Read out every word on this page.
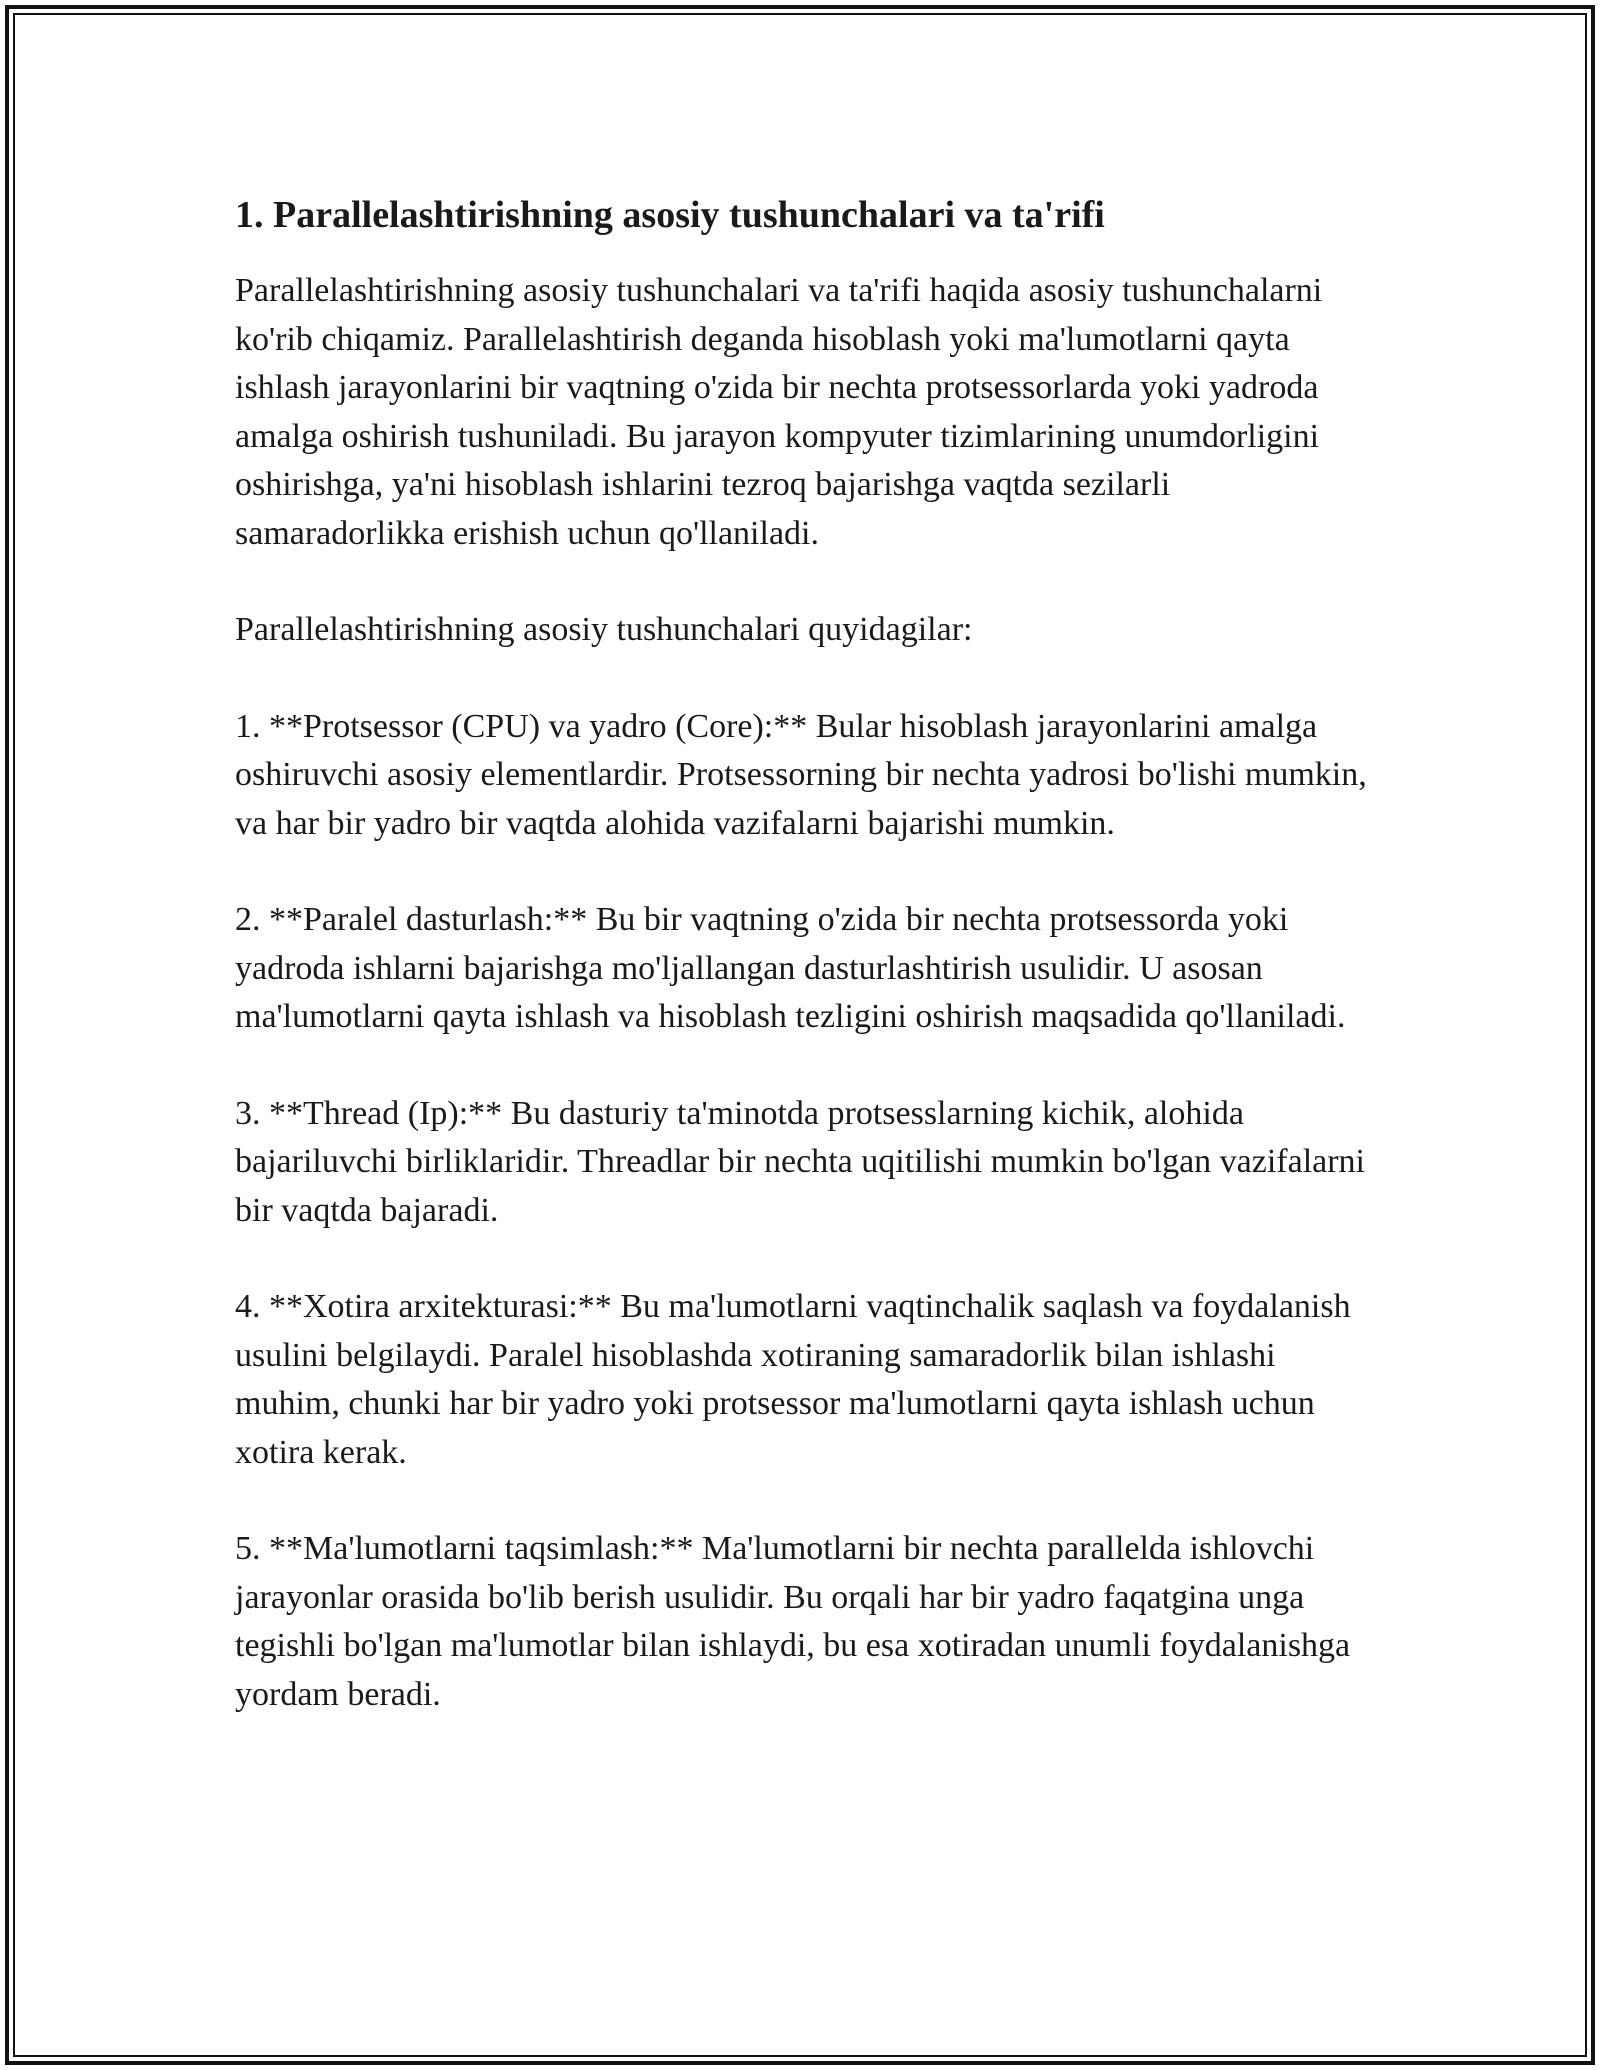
1. Parallelashtirishning asosiy tushunchalari va ta'rifi

Parallelashtirishning asosiy tushunchalari va ta'rifi haqida asosiy tushunchalarni ko'rib chiqamiz. Parallelashtirish deganda hisoblash yoki ma'lumotlarni qayta ishlash jarayonlarini bir vaqtning o'zida bir nechta protsessorlarda yoki yadroda amalga oshirish tushuniladi. Bu jarayon kompyuter tizimlarining unumdorligini oshirishga, ya'ni hisoblash ishlarini tezroq bajarishga vaqtda sezilarli samaradorlikka erishish uchun qo'llaniladi.

Parallelashtirishning asosiy tushunchalari quyidagilar:

1. **Protsessor (CPU) va yadro (Core):** Bular hisoblash jarayonlarini amalga oshiruvchi asosiy elementlardir. Protsessorning bir nechta yadrosi bo'lishi mumkin, va har bir yadro bir vaqtda alohida vazifalarni bajarishi mumkin.

2. **Paralel dasturlash:** Bu bir vaqtning o'zida bir nechta protsessorda yoki yadroda ishlarni bajarishga mo'ljallangan dasturlashtirish usulidir. U asosan ma'lumotlarni qayta ishlash va hisoblash tezligini oshirish maqsadida qo'llaniladi.

3. **Thread (Ip):** Bu dasturiy ta'minotda protsesslarning kichik, alohida bajariluvchi birliklaridir. Threadlar bir nechta uqitilishi mumkin bo'lgan vazifalarni bir vaqtda bajaradi.

4. **Xotira arxitekturasi:** Bu ma'lumotlarni vaqtinchalik saqlash va foydalanish usulini belgilaydi. Paralel hisoblashda xotiraning samaradorlik bilan ishlashi muhim, chunki har bir yadro yoki protsessor ma'lumotlarni qayta ishlash uchun xotira kerak.

5. **Ma'lumotlarni taqsimlash:** Ma'lumotlarni bir nechta parallelda ishlovchi jarayonlar orasida bo'lib berish usulidir. Bu orqali har bir yadro faqatgina unga tegishli bo'lgan ma'lumotlar bilan ishlaydi, bu esa xotiradan unumli foydalanishga yordam beradi.
